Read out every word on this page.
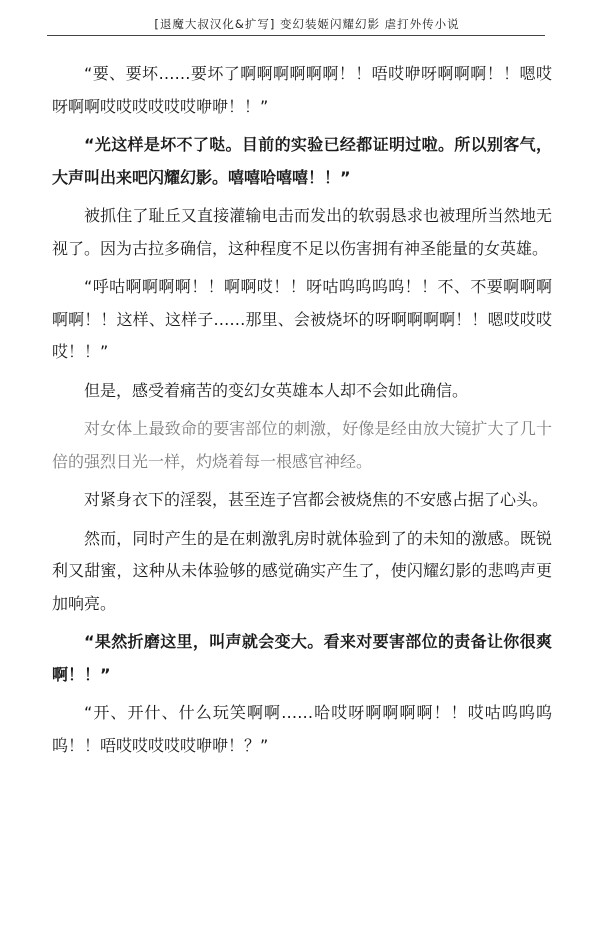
[退魔大叔汉化&扩写] 变幻装姬闪耀幻影 虐打外传小说

“要、要坏……要坏了啊啊啊啊啊啊！！唔哎咿呀啊啊啊！！嗯哎呀啊啊哎哎哎哎哎哎咿咿！！”

“光这样是坏不了哒。目前的实验已经都证明过啦。所以别客气，大声叫出来吧闪耀幻影。嘻嘻哈嘻嘻！！”

被抓住了耻丘又直接灌输电击而发出的软弱恳求也被理所当然地无视了。因为古拉多确信，这种程度不足以伤害拥有神圣能量的女英雄。

“呼咕啊啊啊啊！！啊啊哎！！呀咕呜呜呜呜！！不、不要啊啊啊啊啊！！这样、这样子……那里、会被烧坏的呀啊啊啊啊！！嗯哎哎哎哎！！”

但是，感受着痛苦的变幻女英雄本人却不会如此确信。

对女体上最致命的要害部位的刺激，好像是经由放大镜扩大了几十倍的强烈日光一样，灼烧着每一根感官神经。

对紧身衣下的淫裂，甚至连子宫都会被烧焦的不安感占据了心头。

然而，同时产生的是在刺激乳房时就体验到了的未知的激感。既锐利又甜蜜，这种从未体验够的感觉确实产生了，使闪耀幻影的悲鸣声更加响亮。

“果然折磨这里，叫声就会变大。看来对要害部位的责备让你很爽啊！！”

“开、开什、什么玩笑啊啊……哈哎呀啊啊啊啊！！哎咕呜呜呜呜！！唔哎哎哎哎哎咿咿！？”
